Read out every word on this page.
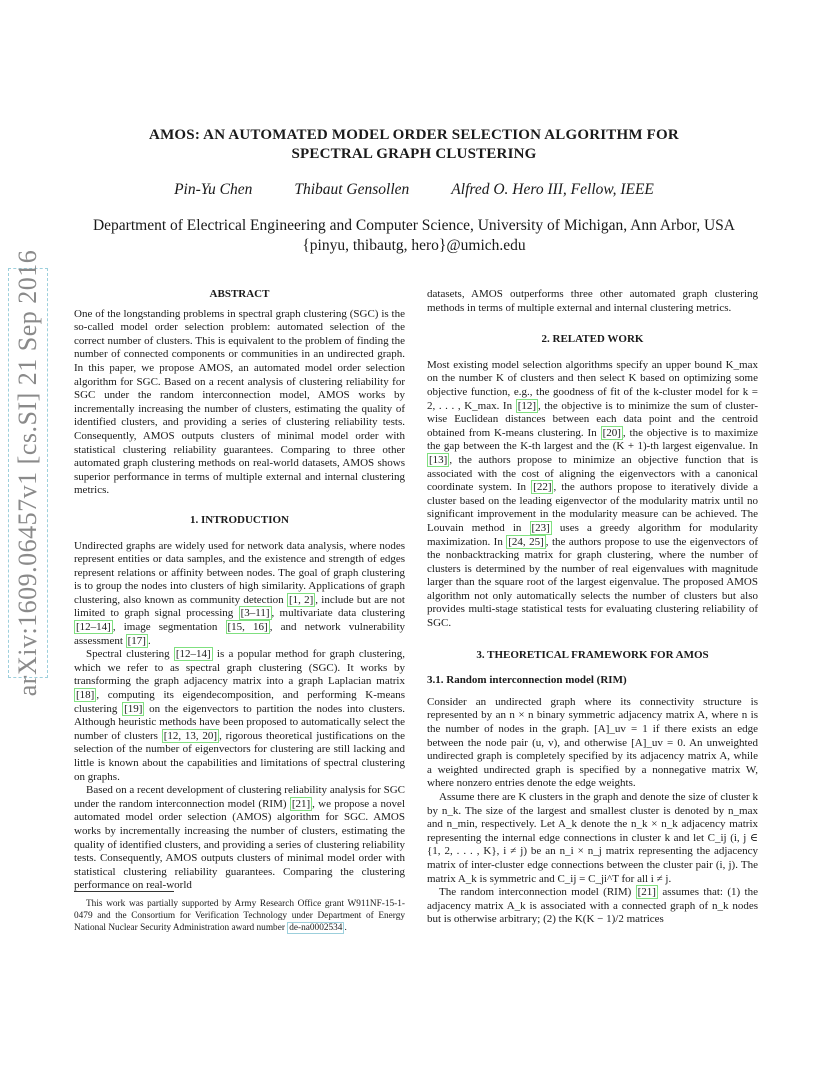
arXiv:1609.06457v1 [cs.SI] 21 Sep 2016
AMOS: AN AUTOMATED MODEL ORDER SELECTION ALGORITHM FOR
SPECTRAL GRAPH CLUSTERING
Pin-Yu Chen	Thibaut Gensollen	Alfred O. Hero III, Fellow, IEEE
Department of Electrical Engineering and Computer Science, University of Michigan, Ann Arbor, USA
{pinyu, thibautg, hero}@umich.edu
ABSTRACT

One of the longstanding problems in spectral graph clustering (SGC) is the so-called model order selection problem: automated selection of the correct number of clusters. This is equivalent to the problem of finding the number of connected components or communities in an undirected graph. In this paper, we propose AMOS, an automated model order selection algorithm for SGC. Based on a recent analysis of clustering reliability for SGC under the random interconnection model, AMOS works by incrementally increasing the number of clusters, estimating the quality of identified clusters, and providing a series of clustering reliability tests. Consequently, AMOS outputs clusters of minimal model order with statistical clustering reliability guarantees. Comparing to three other automated graph clustering methods on real-world datasets, AMOS shows superior performance in terms of multiple external and internal clustering metrics.

1. INTRODUCTION

Undirected graphs are widely used for network data analysis, where nodes represent entities or data samples, and the existence and strength of edges represent relations or affinity between nodes. The goal of graph clustering is to group the nodes into clusters of high similarity. Applications of graph clustering, also known as community detection [1, 2] , include but are not limited to graph signal processing [3–11] , multivariate data clustering [12–14] , image segmentation [15, 16] , and network vulnerability assessment [17] .

Spectral clustering [12–14] is a popular method for graph clustering, which we refer to as spectral graph clustering (SGC). It works by transforming the graph adjacency matrix into a graph Laplacian matrix [18] , computing its eigendecomposition, and performing K-means clustering [19] on the eigenvectors to partition the nodes into clusters. Although heuristic methods have been proposed to automatically select the number of clusters [12, 13, 20] , rigorous theoretical justifications on the selection of the number of eigenvectors for clustering are still lacking and little is known about the capabilities and limitations of spectral clustering on graphs.

Based on a recent development of clustering reliability analysis for SGC under the random interconnection model (RIM) [21] , we propose a novel automated model order selection (AMOS) algorithm for SGC. AMOS works by incrementally increasing the number of clusters, estimating the quality of identified clusters, and providing a series of clustering reliability tests. Consequently, AMOS outputs clusters of minimal model order with statistical clustering reliability guarantees. Comparing the clustering performance on real-world

This work was partially supported by Army Research Office grant W911NF-15-1-0479 and the Consortium for Verification Technology under Department of Energy National Nuclear Security Administration award number de-na0002534 .

datasets, AMOS outperforms three other automated graph clustering methods in terms of multiple external and internal clustering metrics.

2. RELATED WORK

Most existing model selection algorithms specify an upper bound K_max on the number K of clusters and then select K based on optimizing some objective function, e.g., the goodness of fit of the k-cluster model for k = 2, . . . , K_max. In [12] , the objective is to minimize the sum of cluster-wise Euclidean distances between each data point and the centroid obtained from K-means clustering. In [20] , the objective is to maximize the gap between the K-th largest and the (K + 1)-th largest eigenvalue. In [13] , the authors propose to minimize an objective function that is associated with the cost of aligning the eigenvectors with a canonical coordinate system. In [22] , the authors propose to iteratively divide a cluster based on the leading eigenvector of the modularity matrix until no significant improvement in the modularity measure can be achieved. The Louvain method in [23] uses a greedy algorithm for modularity maximization. In [24, 25] , the authors propose to use the eigenvectors of the nonbacktracking matrix for graph clustering, where the number of clusters is determined by the number of real eigenvalues with magnitude larger than the square root of the largest eigenvalue. The proposed AMOS algorithm not only automatically selects the number of clusters but also provides multi-stage statistical tests for evaluating clustering reliability of SGC.

3. THEORETICAL FRAMEWORK FOR AMOS
3.1. Random interconnection model (RIM)

Consider an undirected graph where its connectivity structure is represented by an n × n binary symmetric adjacency matrix A, where n is the number of nodes in the graph. [A]_uv = 1 if there exists an edge between the node pair (u, v), and otherwise [A]_uv = 0. An unweighted undirected graph is completely specified by its adjacency matrix A, while a weighted undirected graph is specified by a nonnegative matrix W, where nonzero entries denote the edge weights.

Assume there are K clusters in the graph and denote the size of cluster k by n_k. The size of the largest and smallest cluster is denoted by n_max and n_min, respectively. Let A_k denote the n_k × n_k adjacency matrix representing the internal edge connections in cluster k and let C_ij (i, j ∈ {1, 2, . . . , K}, i ≠ j) be an n_i × n_j matrix representing the adjacency matrix of inter-cluster edge connections between the cluster pair (i, j). The matrix A_k is symmetric and C_ij = C_ji^T for all i ≠ j.

The random interconnection model (RIM) [21] assumes that: (1) the adjacency matrix A_k is associated with a connected graph of n_k nodes but is otherwise arbitrary; (2) the K(K − 1)/2 matrices
